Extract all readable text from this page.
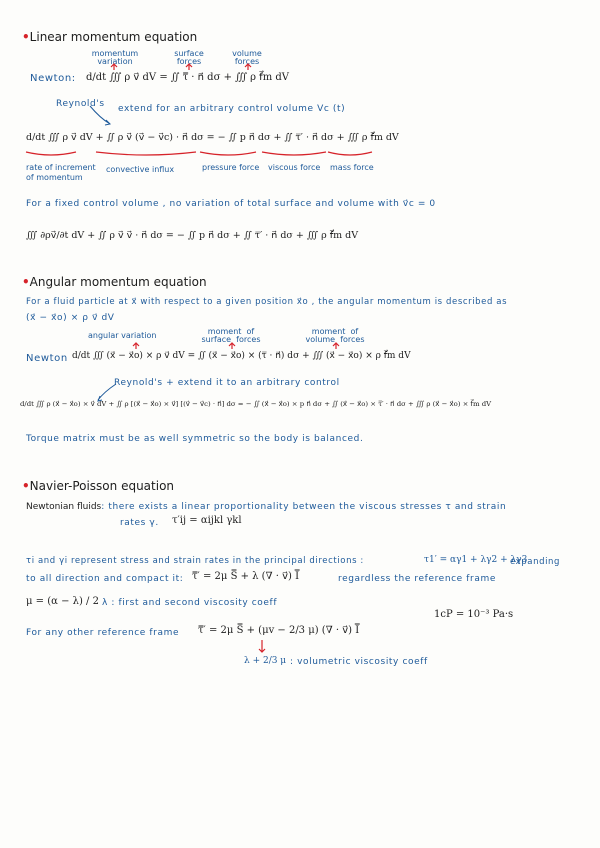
•Linear momentum equation
momentum
variation
surface
forces
volume
forces
Newton: d/dt ∭ ρ v⃗ dV = ∬ τ̿ · n⃗ dσ + ∭ ρ f⃗m dV
Reynold's extend for an arbitrary control volume Vc (t)
d/dt ∭ ρ v⃗ dV + ∬ ρ v⃗ (v⃗ − v⃗c) · n⃗ dσ = − ∬ p n⃗ dσ + ∬ τ̿′ · n⃗ dσ + ∭ ρ f⃗m dV
rate of increment
of momentum
convective influx	pressure force viscous force mass force
For a fixed control volume , no variation of total surface and volume with v⃗c = 0
∭ ∂ρv⃗/∂t dV + ∬ ρ v⃗ v⃗ · n⃗ dσ = − ∬ p n⃗ dσ + ∬ τ̿′ · n⃗ dσ + ∭ ρ f⃗m dV
•Angular momentum equation
For a fluid particle at x⃗ with respect to a given position x⃗o , the angular momentum is described as
(x⃗ − x⃗o) × ρ v⃗ dV
angular variation	moment  of
surface  forces
moment  of
volume  forces
Newton d/dt ∭ (x⃗ − x⃗o) × ρ v⃗ dV = ∬ (x⃗ − x⃗o) × (τ̿ · n⃗) dσ + ∭ (x⃗ − x⃗o) × ρ f⃗m dV
Reynold's + extend it to an arbitrary control
d/dt ∭ ρ (x⃗ − x⃗o) × v⃗ dV + ∬ ρ [(x⃗ − x⃗o) × v⃗] [(v⃗ − v⃗c) · n⃗] dσ = − ∬ (x⃗ − x⃗o) × p n⃗ dσ + ∬ (x⃗ − x⃗o) × τ̿′ · n⃗ dσ + ∭ ρ (x⃗ − x⃗o) × f⃗m dV
Torque matrix must be as well symmetric so the body is balanced.
•Navier-Poisson equation
Newtonian fluids: there exists a linear proportionality between the viscous stresses τ and strain
rates γ. τ′ij = αijkl γkl
τi and γi represent stress and strain rates in the principal directions :	τ1′ = αγ1 + λγ2 + λγ3
expanding
to all direction and compact it: τ̿′ = 2μ S̿ + λ (∇ · v⃗) I̿	regardless the reference frame
μ = (α − λ) / 2 λ : first and second viscosity coeff
1cP = 10⁻³ Pa·s
For any other reference frame τ̿′ = 2μ S̿ + (μv − 2/3 μ) (∇ · v⃗) I̿
λ + 2/3 μ : volumetric viscosity coeff
